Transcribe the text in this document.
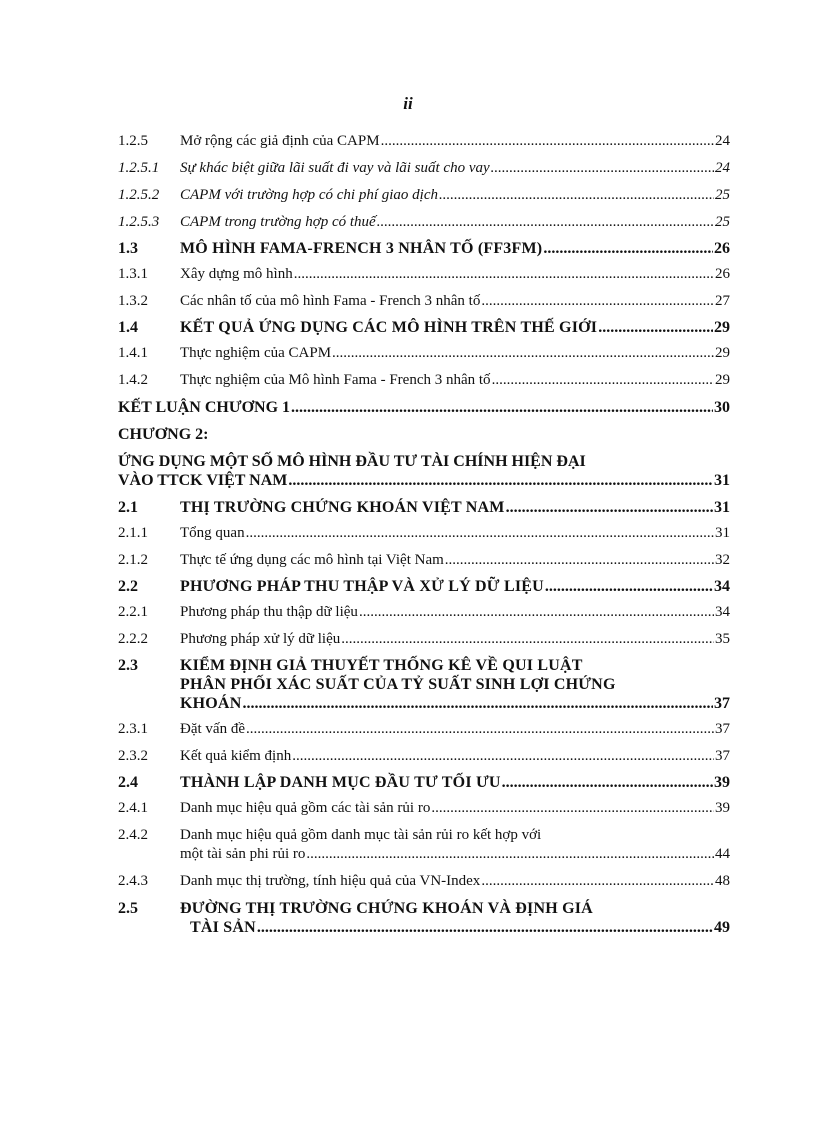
ii
1.2.5	Mở rộng các giả định của CAPM .....	24
1.2.5.1	Sự khác biệt giữa lãi suất đi vay và lãi suất cho vay .....	24
1.2.5.2	CAPM với trường hợp có chi phí giao dịch .....	25
1.2.5.3	CAPM trong trường hợp có thuế .....	25
1.3	MÔ HÌNH FAMA-FRENCH 3 NHÂN TỐ (FF3FM) .....	26
1.3.1	Xây dựng mô hình .....	26
1.3.2	Các nhân tố của mô hình Fama - French 3 nhân tố .....	27
1.4	KẾT QUẢ ỨNG DỤNG CÁC MÔ HÌNH TRÊN THẾ GIỚI .....	29
1.4.1	Thực nghiệm của CAPM .....	29
1.4.2	Thực nghiệm của Mô hình Fama - French 3 nhân tố .....	29
KẾT LUẬN CHƯƠNG 1 .....	30
CHƯƠNG 2:
ỨNG DỤNG MỘT SỐ MÔ HÌNH ĐẦU TƯ TÀI CHÍNH HIỆN ĐẠI
VÀO TTCK VIỆT NAM .....	31
2.1	THỊ TRƯỜNG CHỨNG KHOÁN VIỆT NAM .....	31
2.1.1	Tổng quan .....	31
2.1.2	Thực tế ứng dụng các mô hình tại Việt Nam .....	32
2.2	PHƯƠNG PHÁP THU THẬP VÀ XỬ LÝ DỮ LIỆU .....	34
2.2.1	Phương pháp thu thập dữ liệu .....	34
2.2.2	Phương pháp xử lý dữ liệu .....	35
2.3	KIỂM ĐỊNH GIẢ THUYẾT THỐNG KÊ VỀ QUI LUẬT
PHÂN PHỐI XÁC SUẤT CỦA TỶ SUẤT SINH LỢI CHỨNG
KHOÁN .....	37
2.3.1	Đặt vấn đề .....	37
2.3.2	Kết quả kiểm định .....	37
2.4	THÀNH LẬP DANH MỤC ĐẦU TƯ TỐI ƯU .....	39
2.4.1	Danh mục hiệu quả gồm các tài sản rủi ro .....	39
2.4.2	Danh mục hiệu quả gồm danh mục tài sản rủi ro kết hợp với
một tài sản phi rủi ro .....	44
2.4.3	Danh mục thị trường, tính hiệu quả của VN-Index .....	48
2.5	ĐƯỜNG THỊ TRƯỜNG CHỨNG KHOÁN VÀ ĐỊNH GIÁ
TÀI SẢN .....	49
